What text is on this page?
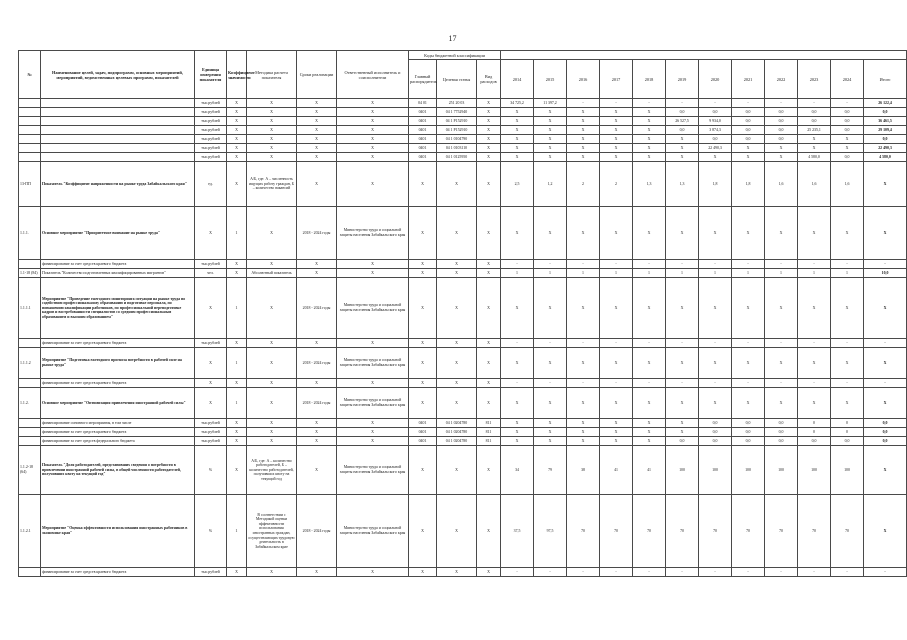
17
№	Наименование целей, задач, подпрограмм, основных мероприятий, мероприятий, ведомственных целевых программ, показателей	Единица измерения показателя	Коэффициент значимости	Методика расчета показателя	Сроки реализации	Ответственный исполнитель и соисполнители	Коды бюджетной классификации														
							Главный распорядитель	Целевая статья	Вид расходов	2014	2015	2016	2017	2018	2019	2020	2021	2022	2023	2024	Итого
		тыс.рублей	X	X	X	X	04 01	251 20 03	X	34 725,2	11 397,2	-	-	-	-	-	-	-	-	-	26 122,4
		тыс.рублей	X	X	X	X	0401	04 1 7752940	X	X	X	X	X	X	0,0	0,0	0,0	0,0	0,0	0,0	0,0
		тыс.рублей	X	X	X	X	0401	04 1 P152910	X	X	X	X	X	X	26 527,5	9 934,0	0,0	0,0	0,0	0,0	36 461,5
		тыс.рублей	X	X	X	X	0401	04 1 P152910	X	X	X	X	X	X	0,0	3 874,3	0,0	0,0	25 235,1	0,0	29 109,4
		тыс.рублей	X	X	X	X	0401	04 1 0104790	X	X	X	X	X	X	X	0,0	0,0	0,0	X	X	0,0
		тыс.рублей	X	X	X	X	0401	04 1 0103110	X	X	X	X	X	X	X	22 490,3	X	X	X	X	22 490,3
		тыс.рублей	X	X	X	X	0401	04 1 0125950	X	X	X	X	X	X	X	X	X	X	4 580,0	0,0	4 580,0
13-ПП	Показатель "Коэффициент напряженности на рынке труда Забайкальского края"	ед.	X	А/Б, где: А – численность ищущих работу граждан, Б – количество вакансий	X	X	X	X	X	2,5	1,2	2	2	1,3	1,3	1,8	1,8	1,6	1,6	1,6	X
1.1.1.	Основное мероприятие "Приоритетное внимание на рынке труда"	X	1	X	2018 - 2024 годы	Министерство труда и социальной защиты населения Забайкальского края	X	X	X	X	X	X	X	X	X	X	X	X	X	X	X
	финансирование за счет средств краевого бюджета	тыс.рублей	X	X	X	X	X	X	X	-	-	-	-	-	-	-	-	-	-	-	-
1.1-18 (84)	Показатель "Количество подготовленных квалифицированных мигрантов"	чел.	X	Абсолютный показатель	X	X	X	X	X	1	1	1	1	1	1	1	1	1	1	1	10,0
1.1.1.1	Мероприятие "Проведение ежегодного мониторинга ситуации на рынке труда по содействию профессиональному образованию и подготовке персонала, по повышению квалификации работников, по профессиональной переподготовке кадров и востребованности специалистов со средним профессиональным образованием и высшим образованием"	X	1	X	2018 - 2024 годы	Министерство труда и социальной защиты населения Забайкальского края	X	X	X	X	X	X	X	X	X	X	X	X	X	X	X
	финансирование за счет средств краевого бюджета	тыс.рублей	X	X	X	X	X	X	X	-	-	-	-	-	-	-	-	-	-	-	-
1.1.1.2	Мероприятие "Подготовка ежегодного прогноза потребности в рабочей силе на рынке труда"	X	1	X	2018 - 2024 годы	Министерство труда и социальной защиты населения Забайкальского края	X	X	X	X	X	X	X	X	X	X	X	X	X	X	X
	финансирование за счет средств краевого бюджета	X	X	X	X	X	X	X	X	-	-	-	-	-	-	-	-	-	-	-	-
1.1.2.	Основное мероприятие "Оптимизация привлечения иностранной рабочей силы"	X	1	X	2018 - 2024 годы	Министерство труда и социальной защиты населения Забайкальского края	X	X	X	X	X	X	X	X	X	X	X	X	X	X	X
	финансирование основного мероприятия, в том числе	тыс.рублей	X	X	X	X	0401	04 1 0204780	811	X	X	X	X	X	X	0,0	0,0	0,0	0	0	0,0
	финансирование за счет средств краевого бюджета	тыс.рублей	X	X	X	X	0401	04 1 0204780	811	X	X	X	X	X	X	0,0	0,0	0,0	0	0	0,0
	финансирование за счет средств федерального бюджета	тыс.рублей	X	X	X	X	0401	04 1 0204780	811	X	X	X	X	X	0,0	0,0	0,0	0,0	0,0	0,0	0,0
1.1.2-18 (64)	Показатель "Доля работодателей, представивших сведения о потребности в привлечении иностранной рабочей силы, в общей численности работодателей, получивших квоту на текущий год"	%	X	А/Б, где: А – количество работодателей, Б – количество работодателей, получивших квоту на текущий год	X	Министерство труда и социальной защиты населения Забайкальского края	X	X	X	34	79	38	41	41	100	100	100	100	100	100	X
1.1.2.1	Мероприятие "Оценка эффективности использования иностранных работников в экономике края"	%	1	В соответствии с Методикой оценки эффективности использования иностранных граждан, осуществляющих трудовую деятельность в Забайкальском крае	2018 - 2024 годы	Министерство труда и социальной защиты населения Забайкальского края	X	X	X	37,5	97,5	70	70	70	70	70	70	70	70	70	X
	финансирование за счет средств краевого бюджета	тыс.рублей	X	X	X	X	X	X	X	-	-	-	-	-	-	-	-	-	-	-	-
